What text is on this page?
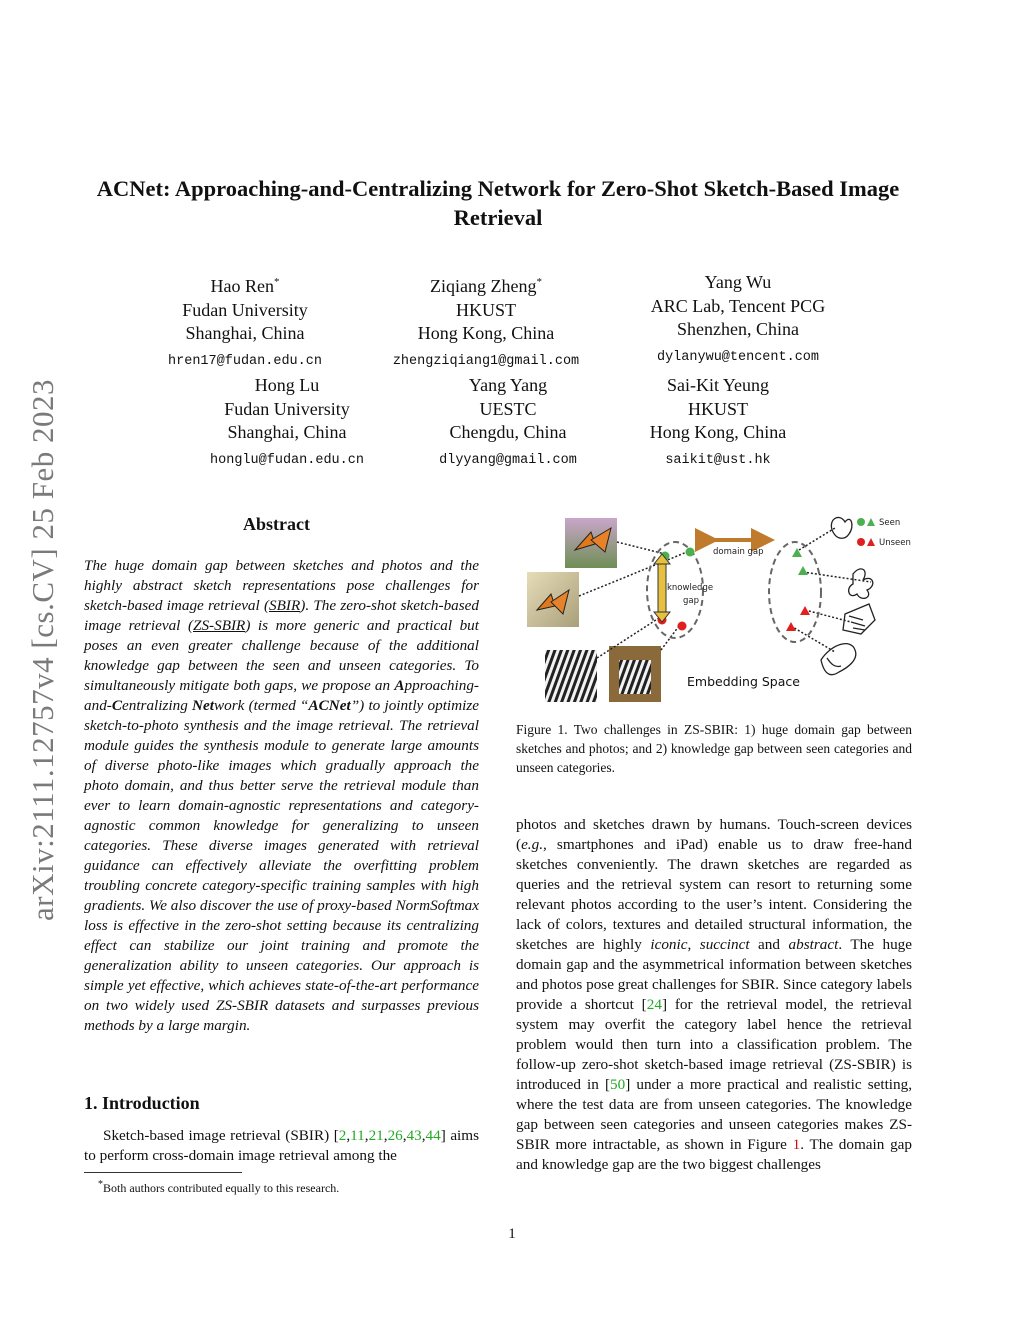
arXiv:2111.12757v4 [cs.CV] 25 Feb 2023
ACNet: Approaching-and-Centralizing Network for Zero-Shot Sketch-Based Image Retrieval
Hao Ren*
Fudan University
Shanghai, China
hren17@fudan.edu.cn
Ziqiang Zheng*
HKUST
Hong Kong, China
zhengziqiang1@gmail.com
Yang Wu
ARC Lab, Tencent PCG
Shenzhen, China
dylanywu@tencent.com
Hong Lu
Fudan University
Shanghai, China
honglu@fudan.edu.cn
Yang Yang
UESTC
Chengdu, China
dlyyang@gmail.com
Sai-Kit Yeung
HKUST
Hong Kong, China
saikit@ust.hk
Abstract
The huge domain gap between sketches and photos and the highly abstract sketch representations pose challenges for sketch-based image retrieval (SBIR). The zero-shot sketch-based image retrieval (ZS-SBIR) is more generic and practical but poses an even greater challenge because of the additional knowledge gap between the seen and unseen categories. To simultaneously mitigate both gaps, we propose an Approaching-and-Centralizing Network (termed “ACNet”) to jointly optimize sketch-to-photo synthesis and the image retrieval. The retrieval module guides the synthesis module to generate large amounts of diverse photo-like images which gradually approach the photo domain, and thus better serve the retrieval module than ever to learn domain-agnostic representations and category-agnostic common knowledge for generalizing to unseen categories. These diverse images generated with retrieval guidance can effectively alleviate the overfitting problem troubling concrete category-specific training samples with high gradients. We also discover the use of proxy-based NormSoftmax loss is effective in the zero-shot setting because its centralizing effect can stabilize our joint training and promote the generalization ability to unseen categories. Our approach is simple yet effective, which achieves state-of-the-art performance on two widely used ZS-SBIR datasets and surpasses previous methods by a large margin.
1. Introduction
Sketch-based image retrieval (SBIR) [2,11,21,26,43,44] aims to perform cross-domain image retrieval among the
photos and sketches drawn by humans. Touch-screen devices (e.g., smartphones and iPad) enable us to draw free-hand sketches conveniently. The drawn sketches are regarded as queries and the retrieval system can resort to returning some relevant photos according to the user’s intent. Considering the lack of colors, textures and detailed structural information, the sketches are highly iconic, succinct and abstract. The huge domain gap and the asymmetrical information between sketches and photos pose great challenges for SBIR. Since category labels provide a shortcut [24] for the retrieval model, the retrieval system may overfit the category label hence the retrieval problem would then turn into a classification problem. The follow-up zero-shot sketch-based image retrieval (ZS-SBIR) is introduced in [50] under a more practical and realistic setting, where the test data are from unseen categories. The knowledge gap between seen categories and unseen categories makes ZS-SBIR more intractable, as shown in Figure 1. The domain gap and knowledge gap are the two biggest challenges
domain gap
knowledge
gap
Seen
Unseen
Embedding Space
Figure 1. Two challenges in ZS-SBIR: 1) huge domain gap between sketches and photos; and 2) knowledge gap between seen categories and unseen categories.
*Both authors contributed equally to this research.
1
